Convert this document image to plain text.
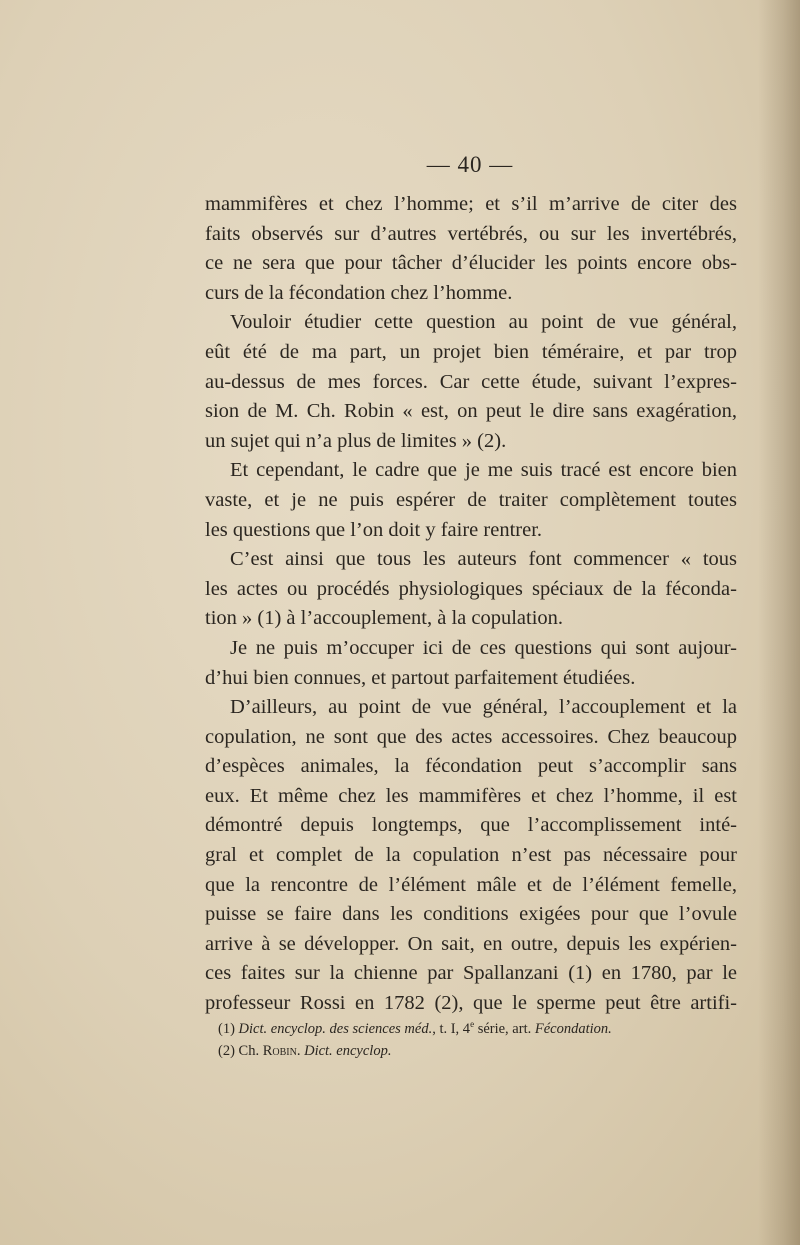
— 40 —
mammifères et chez l’homme; et s’il m’arrive de citer des
faits observés sur d’autres vertébrés, ou sur les invertébrés,
ce ne sera que pour tâcher d’élucider les points encore obs-
curs de la fécondation chez l’homme.
Vouloir étudier cette question au point de vue général,
eût été de ma part, un projet bien téméraire, et par trop
au-dessus de mes forces. Car cette étude, suivant l’expres-
sion de M. Ch. Robin « est, on peut le dire sans exagération,
un sujet qui n’a plus de limites » (2).
Et cependant, le cadre que je me suis tracé est encore bien
vaste, et je ne puis espérer de traiter complètement toutes
les questions que l’on doit y faire rentrer.
C’est ainsi que tous les auteurs font commencer « tous
les actes ou procédés physiologiques spéciaux de la féconda-
tion » (1) à l’accouplement, à la copulation.
Je ne puis m’occuper ici de ces questions qui sont aujour-
d’hui bien connues, et partout parfaitement étudiées.
D’ailleurs, au point de vue général, l’accouplement et la
copulation, ne sont que des actes accessoires. Chez beaucoup
d’espèces animales, la fécondation peut s’accomplir sans
eux. Et même chez les mammifères et chez l’homme, il est
démontré depuis longtemps, que l’accomplissement inté-
gral et complet de la copulation n’est pas nécessaire pour
que la rencontre de l’élément mâle et de l’élément femelle,
puisse se faire dans les conditions exigées pour que l’ovule
arrive à se développer. On sait, en outre, depuis les expérien-
ces faites sur la chienne par Spallanzani (1) en 1780, par le
professeur Rossi en 1782 (2), que le sperme peut être artifi-
(1) Dict. encyclop. des sciences méd., t. I, 4e série, art. Fécondation.
(2) Ch. Robin. Dict. encyclop.
